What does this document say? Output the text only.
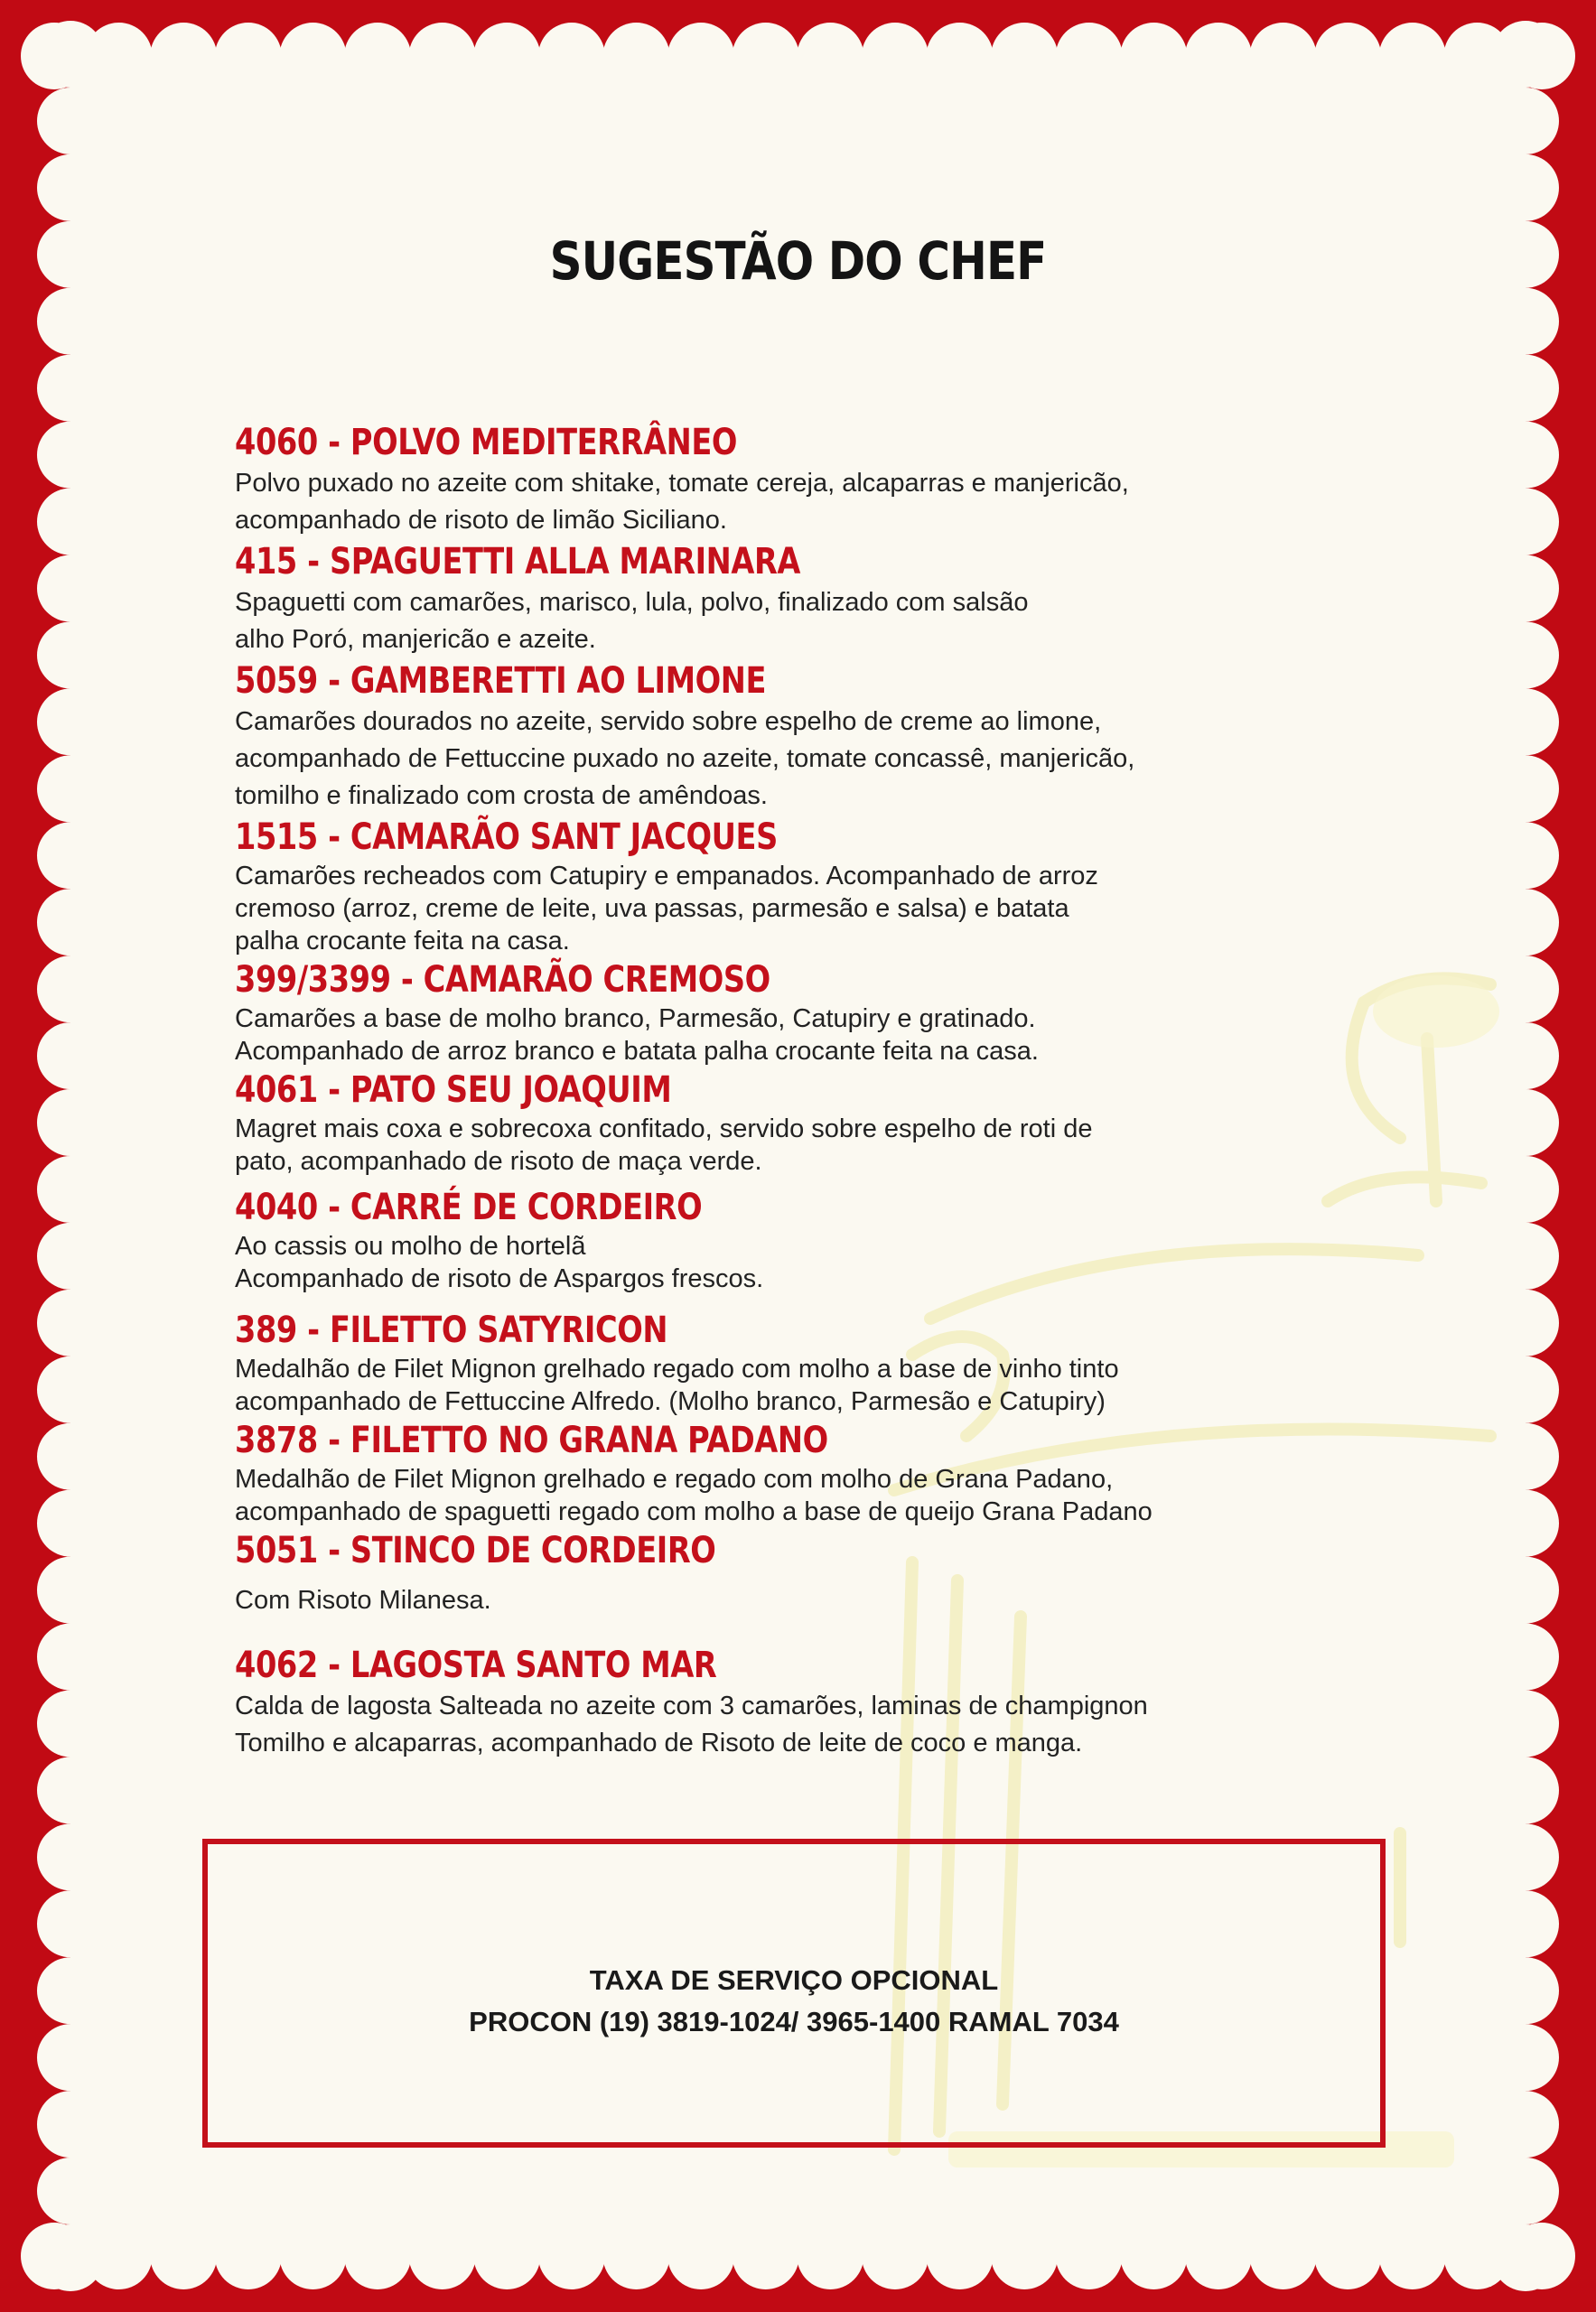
SUGESTÃO DO CHEF
4060 - POLVO MEDITERRÂNEO
Polvo puxado no azeite com shitake, tomate cereja, alcaparras e manjericão,
acompanhado de risoto de limão Siciliano.
415 - SPAGUETTI ALLA MARINARA
Spaguetti com camarões, marisco, lula, polvo, finalizado com salsão
alho Poró, manjericão e azeite.
5059 - GAMBERETTI AO LIMONE
Camarões dourados no azeite, servido sobre espelho de creme ao limone,
acompanhado de Fettuccine puxado no azeite, tomate concassê, manjericão,
tomilho e finalizado com crosta de amêndoas.
1515 - CAMARÃO SANT JACQUES
Camarões recheados com Catupiry e empanados. Acompanhado de arroz
cremoso (arroz, creme de leite, uva passas, parmesão e salsa) e batata
palha crocante feita na casa.
399/3399 - CAMARÃO CREMOSO
Camarões a base de molho branco, Parmesão, Catupiry e gratinado.
Acompanhado de arroz branco e batata palha crocante feita na casa.
4061 - PATO SEU JOAQUIM
Magret mais coxa e sobrecoxa confitado, servido sobre espelho de roti de
pato, acompanhado de risoto de maça verde.
4040 - CARRÉ DE CORDEIRO
Ao cassis ou molho de hortelã
Acompanhado de risoto de Aspargos frescos.
389 - FILETTO SATYRICON
Medalhão de Filet Mignon grelhado regado com molho a base de vinho tinto
acompanhado de Fettuccine Alfredo. (Molho branco, Parmesão e Catupiry)
3878 - FILETTO NO GRANA PADANO
Medalhão de Filet Mignon grelhado e regado com molho de Grana Padano,
acompanhado de spaguetti regado com molho a base de queijo Grana Padano
5051 - STINCO DE CORDEIRO
Com Risoto Milanesa.
4062 - LAGOSTA SANTO MAR
Calda de lagosta Salteada no azeite com 3 camarões, laminas de champignon
Tomilho e alcaparras, acompanhado de Risoto de leite de coco e manga.
TAXA DE SERVIÇO OPCIONAL
PROCON (19) 3819-1024/ 3965-1400 RAMAL 7034
